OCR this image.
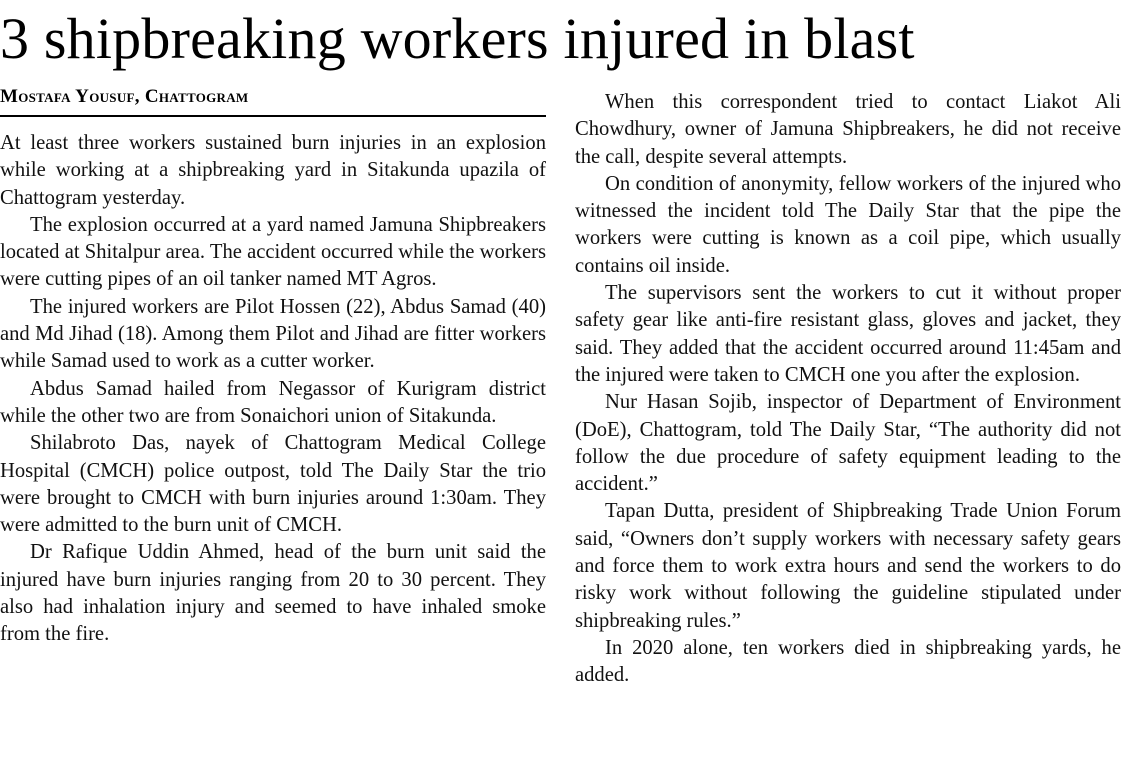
3 shipbreaking workers injured in blast
Mostafa Yousuf, Chattogram

At least three workers sustained burn injuries in an explosion while working at a shipbreaking yard in Sitakunda upazila of Chattogram yesterday.

The explosion occurred at a yard named Jamuna Shipbreakers located at Shitalpur area. The accident occurred while the workers were cutting pipes of an oil tanker named MT Agros.

The injured workers are Pilot Hossen (22), Abdus Samad (40) and Md Jihad (18). Among them Pilot and Jihad are fitter workers while Samad used to work as a cutter worker.

Abdus Samad hailed from Negassor of Kurigram district while the other two are from Sonaichori union of Sitakunda.

Shilabroto Das, nayek of Chattogram Medical College Hospital (CMCH) police outpost, told The Daily Star the trio were brought to CMCH with burn injuries around 1:30am. They were admitted to the burn unit of CMCH.

Dr Rafique Uddin Ahmed, head of the burn unit said the injured have burn injuries ranging from 20 to 30 percent. They also had inhalation injury and seemed to have inhaled smoke from the fire.

When this correspondent tried to contact Liakot Ali Chowdhury, owner of Jamuna Shipbreakers, he did not receive the call, despite several attempts.

On condition of anonymity, fellow workers of the injured who witnessed the incident told The Daily Star that the pipe the workers were cutting is known as a coil pipe, which usually contains oil inside.

The supervisors sent the workers to cut it without proper safety gear like anti-fire resistant glass, gloves and jacket, they said. They added that the accident occurred around 11:45am and the injured were taken to CMCH one you after the explosion.

Nur Hasan Sojib, inspector of Department of Environment (DoE), Chattogram, told The Daily Star, “The authority did not follow the due procedure of safety equipment leading to the accident.”

Tapan Dutta, president of Shipbreaking Trade Union Forum said, “Owners don’t supply workers with necessary safety gears and force them to work extra hours and send the workers to do risky work without following the guideline stipulated under shipbreaking rules.”

In 2020 alone, ten workers died in shipbreaking yards, he added.
